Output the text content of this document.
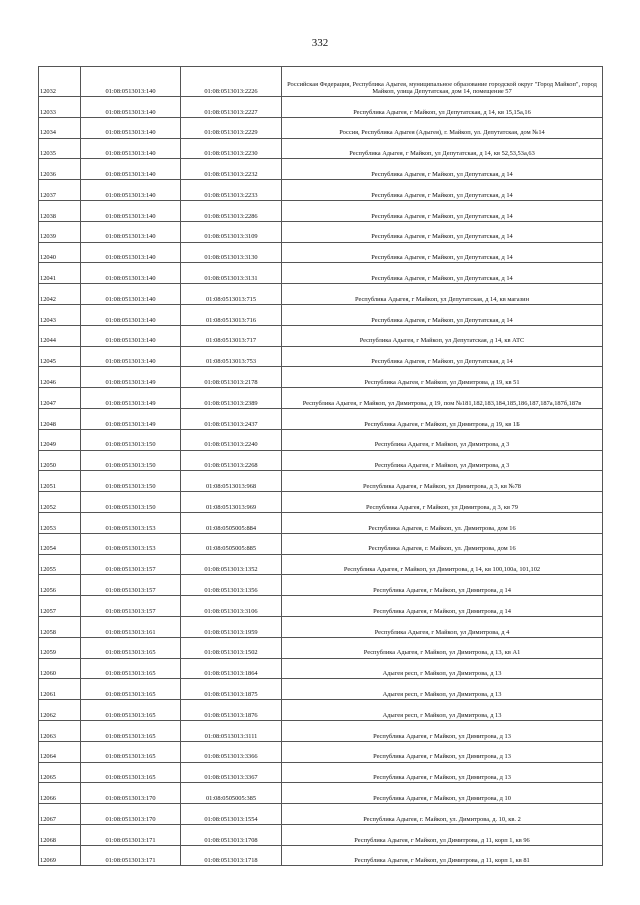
332
12032	01:08:0513013:140	01:08:0513013:2226	Российская Федерация, Республика Адыгея, муниципальное образование городской округ "Город Майкоп", город Майкоп, улица Депутатская, дом 14, помещение 57
12033	01:08:0513013:140	01:08:0513013:2227	Республика Адыгея, г Майкоп, ул Депутатская, д 14, кв 15,15а,16
12034	01:08:0513013:140	01:08:0513013:2229	Россия, Республика Адыгея (Адыгея), г. Майкоп, ул. Депутатская, дом №14
12035	01:08:0513013:140	01:08:0513013:2230	Республика Адыгея, г Майкоп, ул Депутатская, д 14, кв 52,53,53а,63
12036	01:08:0513013:140	01:08:0513013:2232	Республика Адыгея, г Майкоп, ул Депутатская, д 14
12037	01:08:0513013:140	01:08:0513013:2233	Республика Адыгея, г Майкоп, ул Депутатская, д 14
12038	01:08:0513013:140	01:08:0513013:2286	Республика Адыгея, г Майкоп, ул Депутатская, д 14
12039	01:08:0513013:140	01:08:0513013:3109	Республика Адыгея, г Майкоп, ул Депутатская, д 14
12040	01:08:0513013:140	01:08:0513013:3130	Республика Адыгея, г Майкоп, ул Депутатская, д 14
12041	01:08:0513013:140	01:08:0513013:3131	Республика Адыгея, г Майкоп, ул Депутатская, д 14
12042	01:08:0513013:140	01:08:0513013:715	Республика Адыгея, г Майкоп, ул Депутатская, д 14, кв магазин
12043	01:08:0513013:140	01:08:0513013:716	Республика Адыгея, г Майкоп, ул Депутатская, д 14
12044	01:08:0513013:140	01:08:0513013:717	Республика Адыгея, г Майкоп, ул Депутатская, д 14, кв АТС
12045	01:08:0513013:140	01:08:0513013:753	Республика Адыгея, г Майкоп, ул Депутатская, д 14
12046	01:08:0513013:149	01:08:0513013:2178	Республика Адыгея, г Майкоп, ул Димитрова, д 19, кв 51
12047	01:08:0513013:149	01:08:0513013:2389	Республика Адыгея, г Майкоп, ул Димитрова, д 19, пом №181,182,183,184,185,186,187,187а,187б,187в
12048	01:08:0513013:149	01:08:0513013:2437	Республика Адыгея, г Майкоп, ул Димитрова, д 19, кв 1Б
12049	01:08:0513013:150	01:08:0513013:2240	Республика Адыгея, г Майкоп, ул Димитрова, д 3
12050	01:08:0513013:150	01:08:0513013:2268	Республика Адыгея, г Майкоп, ул Димитрова, д 3
12051	01:08:0513013:150	01:08:0513013:968	Республика Адыгея, г Майкоп, ул Димитрова, д 3, кв №78
12052	01:08:0513013:150	01:08:0513013:969	Республика Адыгея, г Майкоп, ул Димитрова, д 3, кв 79
12053	01:08:0513013:153	01:08:0505005:884	Республика Адыгея, г. Майкоп, ул. Димитрова, дом 16
12054	01:08:0513013:153	01:08:0505005:885	Республика Адыгея, г. Майкоп, ул. Димитрова, дом 16
12055	01:08:0513013:157	01:08:0513013:1352	Республика Адыгея, г Майкоп, ул Димитрова, д 14, кв 100,100а, 101,102
12056	01:08:0513013:157	01:08:0513013:1356	Республика Адыгея, г Майкоп, ул Димитрова, д 14
12057	01:08:0513013:157	01:08:0513013:3106	Республика Адыгея, г Майкоп, ул Димитрова, д 14
12058	01:08:0513013:161	01:08:0513013:1959	Республика Адыгея, г Майкоп, ул Димитрова, д 4
12059	01:08:0513013:165	01:08:0513013:1502	Республика Адыгея, г Майкоп, ул Димитрова, д 13, кв А1
12060	01:08:0513013:165	01:08:0513013:1864	Адыгея респ, г Майкоп, ул Димитрова, д 13
12061	01:08:0513013:165	01:08:0513013:1875	Адыгея респ, г Майкоп, ул Димитрова, д 13
12062	01:08:0513013:165	01:08:0513013:1876	Адыгея респ, г Майкоп, ул Димитрова, д 13
12063	01:08:0513013:165	01:08:0513013:3111	Республика Адыгея, г Майкоп, ул Димитрова, д 13
12064	01:08:0513013:165	01:08:0513013:3366	Республика Адыгея, г Майкоп, ул Димитрова, д 13
12065	01:08:0513013:165	01:08:0513013:3367	Республика Адыгея, г Майкоп, ул Димитрова, д 13
12066	01:08:0513013:170	01:08:0505005:385	Республика Адыгея, г Майкоп, ул Димитрова, д 10
12067	01:08:0513013:170	01:08:0513013:1554	Республика Адыгея, г. Майкоп, ул. Димитрова, д. 10, кв. 2
12068	01:08:0513013:171	01:08:0513013:1708	Республика Адыгея, г Майкоп, ул Димитрова, д 11, корп 1, кв 96
12069	01:08:0513013:171	01:08:0513013:1718	Республика Адыгея, г Майкоп, ул Димитрова, д 11, корп 1, кв 81
